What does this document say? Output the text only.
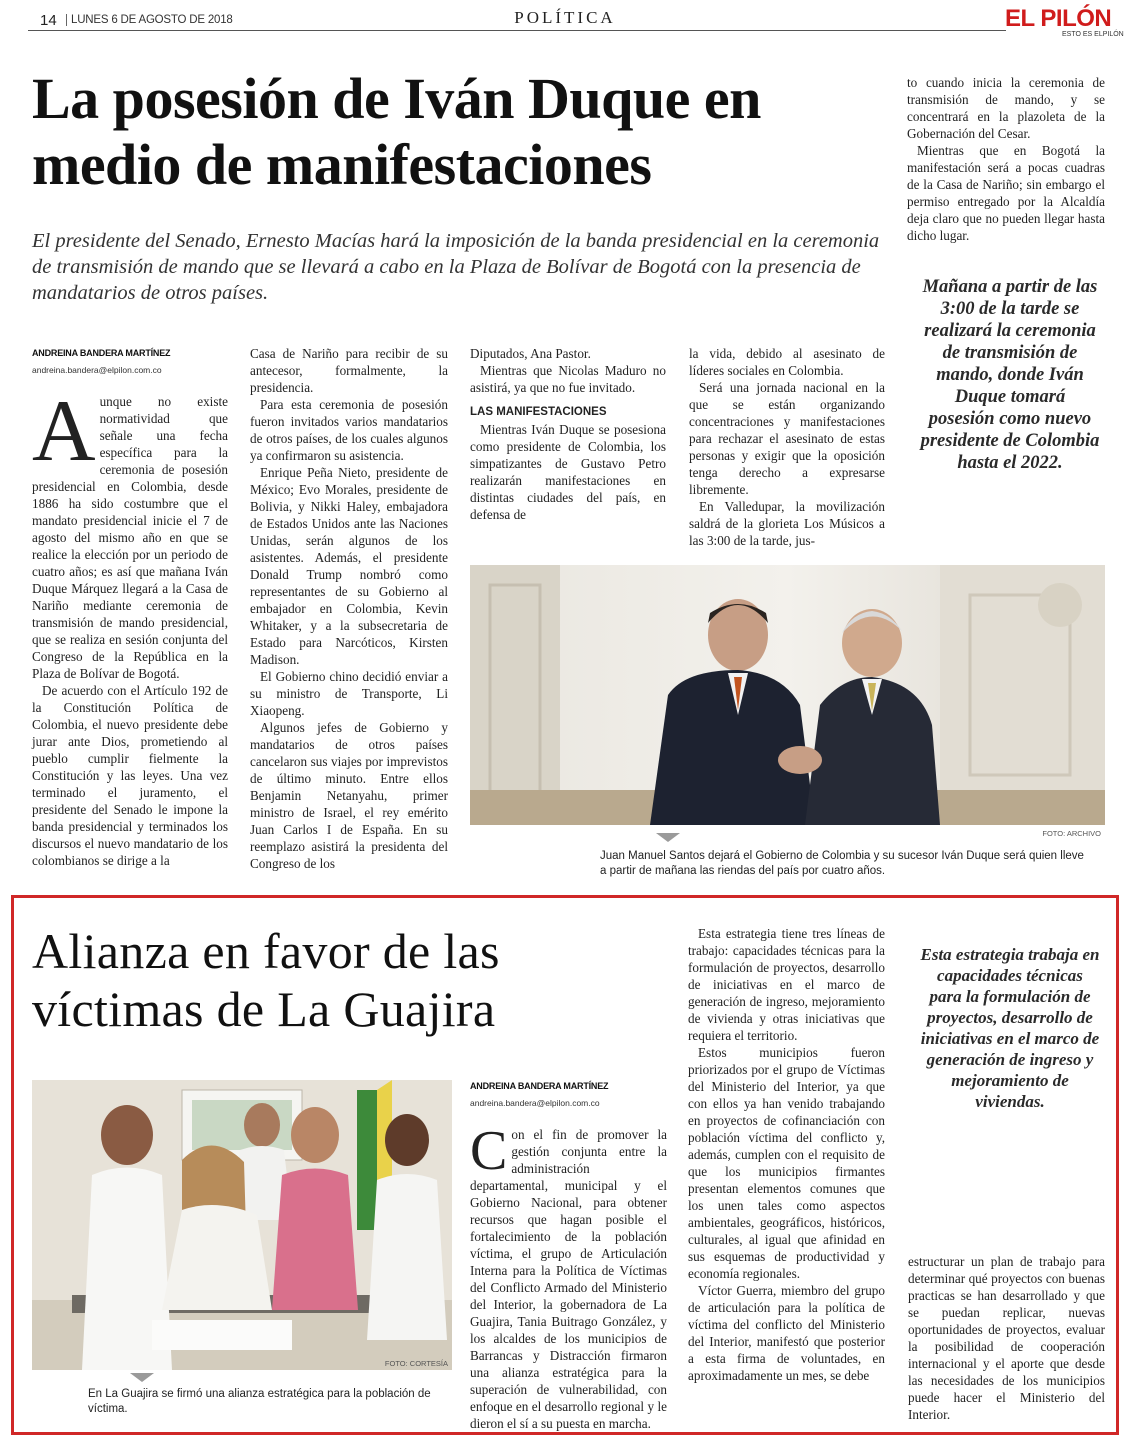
14	LUNES 6 DE AGOSTO DE 2018	POLÍTICA	EL PILÓN
ESTO ES ELPILÓN
La posesión de Iván Duque en medio de manifestaciones
El presidente del Senado, Ernesto Macías hará la imposición de la banda presidencial en la ceremonia de transmisión de mando que se llevará a cabo en la Plaza de Bolívar de Bogotá con la presencia de mandatarios de otros países.
ANDREINA BANDERA MARTÍNEZ
andreina.bandera@elpilon.com.co

Aunque no existe normatividad que señale una fecha específica para la ceremonia de posesión presidencial en Colombia, desde 1886 ha sido costumbre que el mandato presidencial inicie el 7 de agosto del mismo año en que se realice la elección por un periodo de cuatro años; es así que mañana Iván Duque Márquez llegará a la Casa de Nariño mediante ceremonia de transmisión de mando presidencial, que se realiza en sesión conjunta del Congreso de la República en la Plaza de Bolívar de Bogotá.

De acuerdo con el Artículo 192 de la Constitución Política de Colombia, el nuevo presidente debe jurar ante Dios, prometiendo al pueblo cumplir fielmente la Constitución y las leyes. Una vez terminado el juramento, el presidente del Senado le impone la banda presidencial y terminados los discursos el nuevo mandatario de los colombianos se dirige a la

Casa de Nariño para recibir de su antecesor, formalmente, la presidencia.

Para esta ceremonia de posesión fueron invitados varios mandatarios de otros países, de los cuales algunos ya confirmaron su asistencia.

Enrique Peña Nieto, presidente de México; Evo Morales, presidente de Bolivia, y Nikki Haley, embajadora de Estados Unidos ante las Naciones Unidas, serán algunos de los asistentes. Además, el presidente Donald Trump nombró como representantes de su Gobierno al embajador en Colombia, Kevin Whitaker, y a la subsecretaria de Estado para Narcóticos, Kirsten Madison.

El Gobierno chino decidió enviar a su ministro de Transporte, Li Xiaopeng.

Algunos jefes de Gobierno y mandatarios de otros países cancelaron sus viajes por imprevistos de último minuto. Entre ellos Benjamin Netanyahu, primer ministro de Israel, el rey emérito Juan Carlos I de España. En su reemplazo asistirá la presidenta del Congreso de los

Diputados, Ana Pastor.

Mientras que Nicolas Maduro no asistirá, ya que no fue invitado.

LAS MANIFESTACIONES

Mientras Iván Duque se posesiona como presidente de Colombia, los simpatizantes de Gustavo Petro realizarán manifestaciones en distintas ciudades del país, en defensa de

la vida, debido al asesinato de líderes sociales en Colombia.

Será una jornada nacional en la que se están organizando concentraciones y manifestaciones para rechazar el asesinato de estas personas y exigir que la oposición tenga derecho a expresarse libremente.

En Valledupar, la movilización saldrá de la glorieta Los Músicos a las 3:00 de la tarde, jus-

to cuando inicia la ceremonia de transmisión de mando, y se concentrará en la plazoleta de la Gobernación del Cesar.

Mientras que en Bogotá la manifestación será a pocas cuadras de la Casa de Nariño; sin embargo el permiso entregado por la Alcaldía deja claro que no pueden llegar hasta dicho lugar.

Mañana a partir de las 3:00 de la tarde se realizará la ceremonia de transmisión de mando, donde Iván Duque tomará posesión como nuevo presidente de Colombia hasta el 2022.
FOTO: ARCHIVO
Juan Manuel Santos dejará el Gobierno de Colombia y su sucesor Iván Duque será quien lleve a partir de mañana las riendas del país por cuatro años.
Alianza en favor de las víctimas de La Guajira
FOTO: CORTESÍA
En La Guajira se firmó una alianza estratégica para la población de víctima.
ANDREINA BANDERA MARTÍNEZ
andreina.bandera@elpilon.com.co

Con el fin de promover la gestión conjunta entre la administración departamental, municipal y el Gobierno Nacional, para obtener recursos que hagan posible el fortalecimiento de la población víctima, el grupo de Articulación Interna para la Política de Víctimas del Conflicto Armado del Ministerio del Interior, la gobernadora de La Guajira, Tania Buitrago González, y los alcaldes de los municipios de Barrancas y Distracción firmaron una alianza estratégica para la superación de vulnerabilidad, con enfoque en el desarrollo regional y le dieron el sí a su puesta en marcha.

Esta estrategia tiene tres líneas de trabajo: capacidades técnicas para la formulación de proyectos, desarrollo de iniciativas en el marco de generación de ingreso, mejoramiento de vivienda y otras iniciativas que requiera el territorio.

Estos municipios fueron priorizados por el grupo de Víctimas del Ministerio del Interior, ya que con ellos ya han venido trabajando en proyectos de cofinanciación con población víctima del conflicto y, además, cumplen con el requisito de que los municipios firmantes presentan elementos comunes que los unen tales como aspectos ambientales, geográficos, históricos, culturales, al igual que afinidad en sus esquemas de productividad y economía regionales.

Víctor Guerra, miembro del grupo de articulación para la política de víctima del conflicto del Ministerio del Interior, manifestó que posterior a esta firma de voluntades, en aproximadamente un mes, se debe

Esta estrategia trabaja en capacidades técnicas para la formulación de proyectos, desarrollo de iniciativas en el marco de generación de ingreso y mejoramiento de viviendas.

estructurar un plan de trabajo para determinar qué proyectos con buenas practicas se han desarrollado y que se puedan replicar, nuevas oportunidades de proyectos, evaluar la posibilidad de cooperación internacional y el aporte que desde las necesidades de los municipios puede hacer el Ministerio del Interior.
